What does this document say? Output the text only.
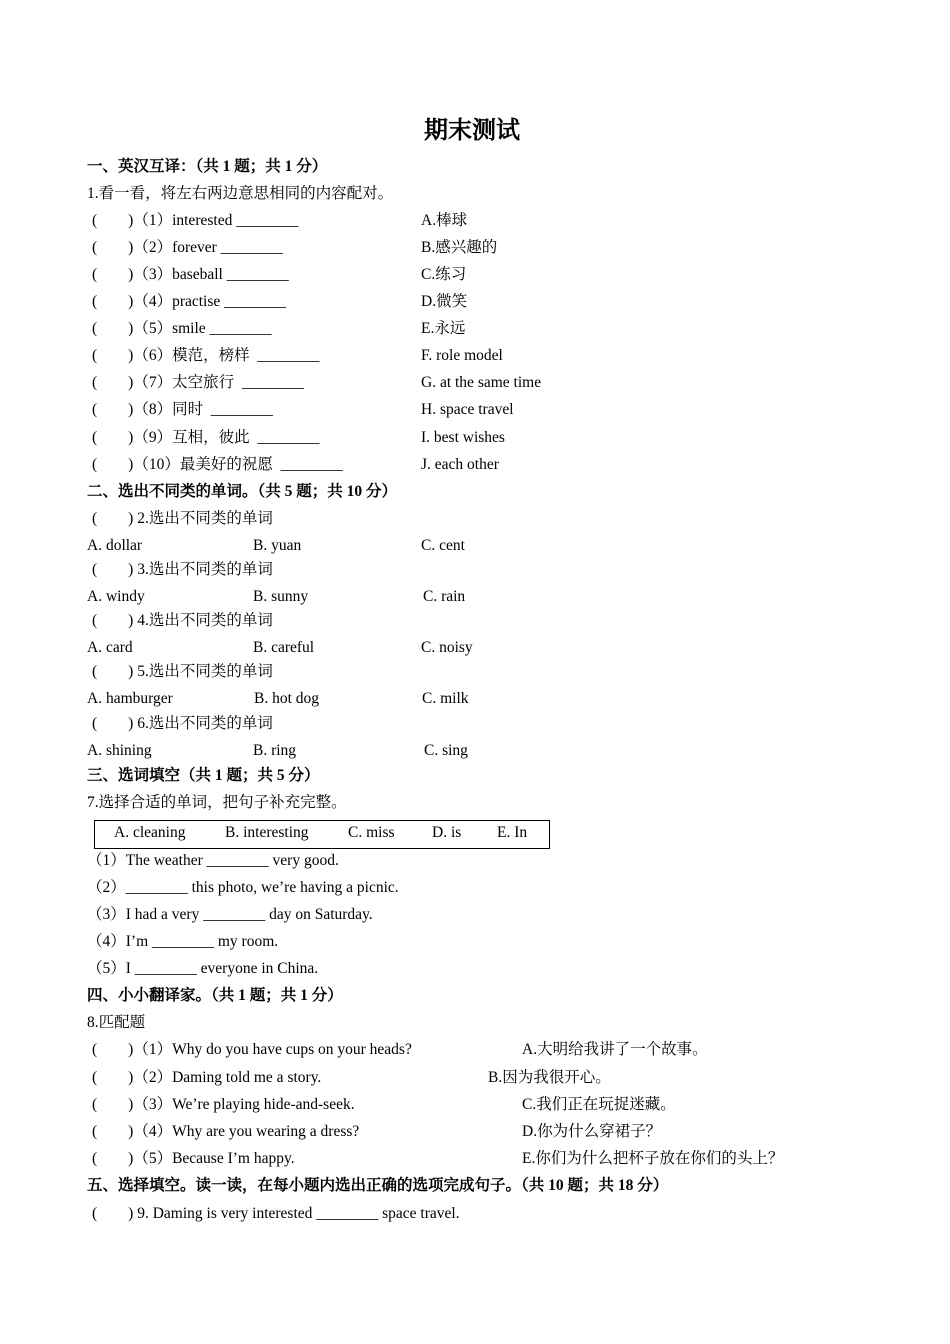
期末测试
一、英汉互译：（共 1 题；共 1 分）
1.看一看，将左右两边意思相同的内容配对。
(　　)（1）interested ________	A.棒球
(　　)（2）forever ________	B.感兴趣的
(　　)（3）baseball ________	C.练习
(　　)（4）practise ________	D.微笑
(　　)（5）smile ________	E.永远
(　　)（6）模范，榜样  ________	F. role model
(　　)（7）太空旅行  ________	G. at the same time
(　　)（8）同时  ________	H. space travel
(　　)（9）互相，彼此  ________	I. best wishes
(　　)（10）最美好的祝愿  ________	J. each other
二、选出不同类的单词。（共 5 题；共 10 分）
(　　) 2.选出不同类的单词
A. dollar	B. yuan	C. cent
(　　) 3.选出不同类的单词
A. windy	B. sunny	C. rain
(　　) 4.选出不同类的单词
A. card	B. careful	C. noisy
(　　) 5.选出不同类的单词
A. hamburger	B. hot dog	C. milk
(　　) 6.选出不同类的单词
A. shining	B. ring	C. sing
三、选词填空（共 1 题；共 5 分）
7.选择合适的单词，把句子补充完整。
A. cleaning	B. interesting	C. miss D. is E. In
（1）The weather ________ very good.
（2）________ this photo, we’re having a picnic.
（3）I had a very ________ day on Saturday.
（4）I’m ________ my room.
（5）I ________ everyone in China.
四、小小翻译家。（共 1 题；共 1 分）
8.匹配题
(　　)（1）Why do you have cups on your heads?	A.大明给我讲了一个故事。
(　　)（2）Daming told me a story.	B.因为我很开心。
(　　)（3）We’re playing hide-and-seek.	C.我们正在玩捉迷藏。
(　　)（4）Why are you wearing a dress?	D.你为什么穿裙子？
(　　)（5）Because I’m happy.	E.你们为什么把杯子放在你们的头上？
五、选择填空。读一读，在每小题内选出正确的选项完成句子。（共 10 题；共 18 分）
(　　) 9. Daming is very interested ________ space travel.
